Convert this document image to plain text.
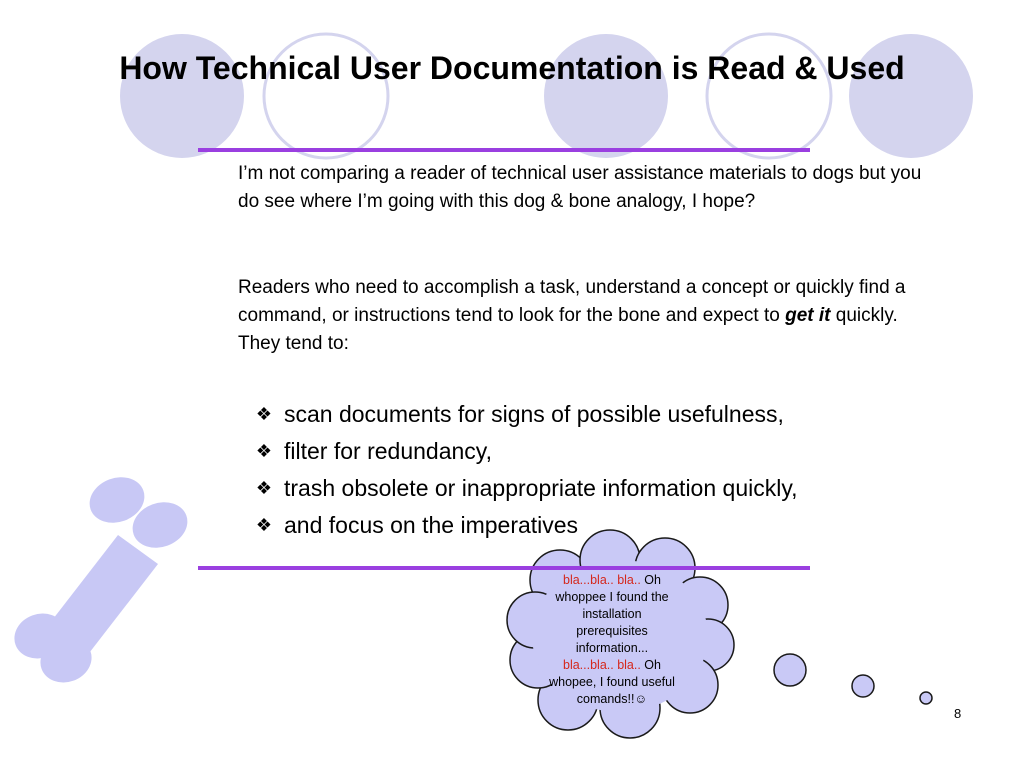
How Technical User Documentation is Read & Used

I’m not comparing a reader of technical user assistance materials to dogs but you do see where I’m going with this dog & bone analogy, I hope?

Readers who need to accomplish a task, understand a concept or quickly find a command, or instructions tend to look for the bone and expect to get it quickly. They tend to:

❖ scan documents for signs of possible usefulness,
❖ filter for redundancy,
❖ trash obsolete or inappropriate information quickly,
❖ and focus on the imperatives
bla...bla.. bla.. Oh whoppee I found the installation prerequisites information...
bla...bla.. bla.. Oh whopee, I found useful comands!!☺
8
